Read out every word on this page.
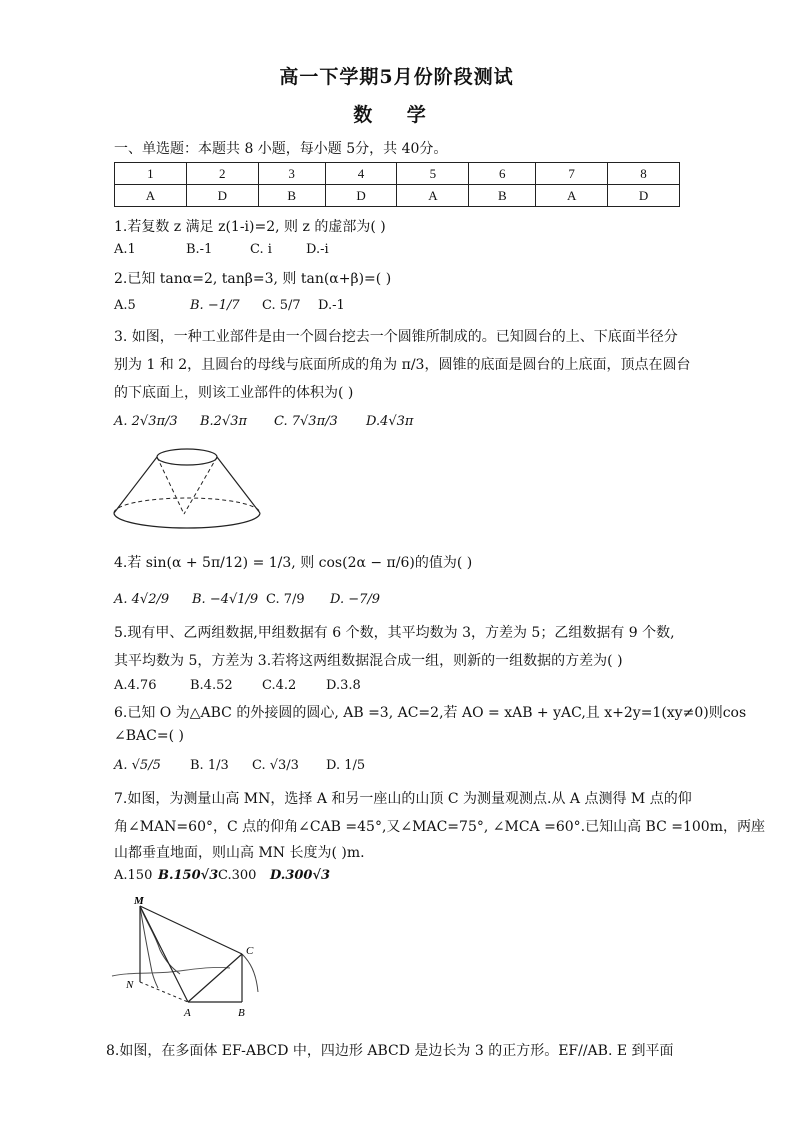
高一下学期5月份阶段测试
数 学
一、单选题：本题共 8 小题，每小题 5分，共 40分。
1	2	3	4	5	6	7	8
A	D	B	D	A	B	A	D
1.若复数 z 满足 z(1-i)=2, 则 z 的虚部为( )
A.1	B.-1	C. i	D.-i
2.已知 tanα=2, tanβ=3, 则 tan(α+β)=( )
A.5	B. −1/7 C. 5/7 D.-1
3. 如图，一种工业部件是由一个圆台挖去一个圆锥所制成的。已知圆台的上、下底面半径分
别为 1 和 2，且圆台的母线与底面所成的角为 π/3，圆锥的底面是圆台的上底面，顶点在圆台
的下底面上，则该工业部件的体积为( )
A. 2√3π/3 B.2√3π C. 7√3π/3 D.4√3π
4.若 sin(α + 5π/12) = 1/3, 则 cos(2α − π/6)的值为( )
A. 4√2/9 B. −4√1/9 C. 7/9 D. −7/9
5.现有甲、乙两组数据,甲组数据有 6 个数，其平均数为 3，方差为 5；乙组数据有 9 个数,
其平均数为 5，方差为 3.若将这两组数据混合成一组，则新的一组数据的方差为( )
A.4.76	B.4.52 C.4.2 D.3.8
6.已知 O 为△ABC 的外接圆的圆心, AB =3, AC=2,若 AO = xAB + yAC,且 x+2y=1(xy≠0)则cos
∠BAC=( )
A. √5/5 B. 1/3 C. √3/3 D. 1/5
7.如图，为测量山高 MN，选择 A 和另一座山的山顶 C 为测量观测点.从 A 点测得 M 点的仰
角∠MAN=60°，C 点的仰角∠CAB =45°,又∠MAC=75°, ∠MCA =60°.已知山高 BC =100m，两座
山都垂直地面，则山高 MN 长度为( )m.
A.150 B.150√3 C.300 D.300√3
M
N
A	B
C
8.如图，在多面体 EF-ABCD 中，四边形 ABCD 是边长为 3 的正方形。EF//AB. E 到平面
